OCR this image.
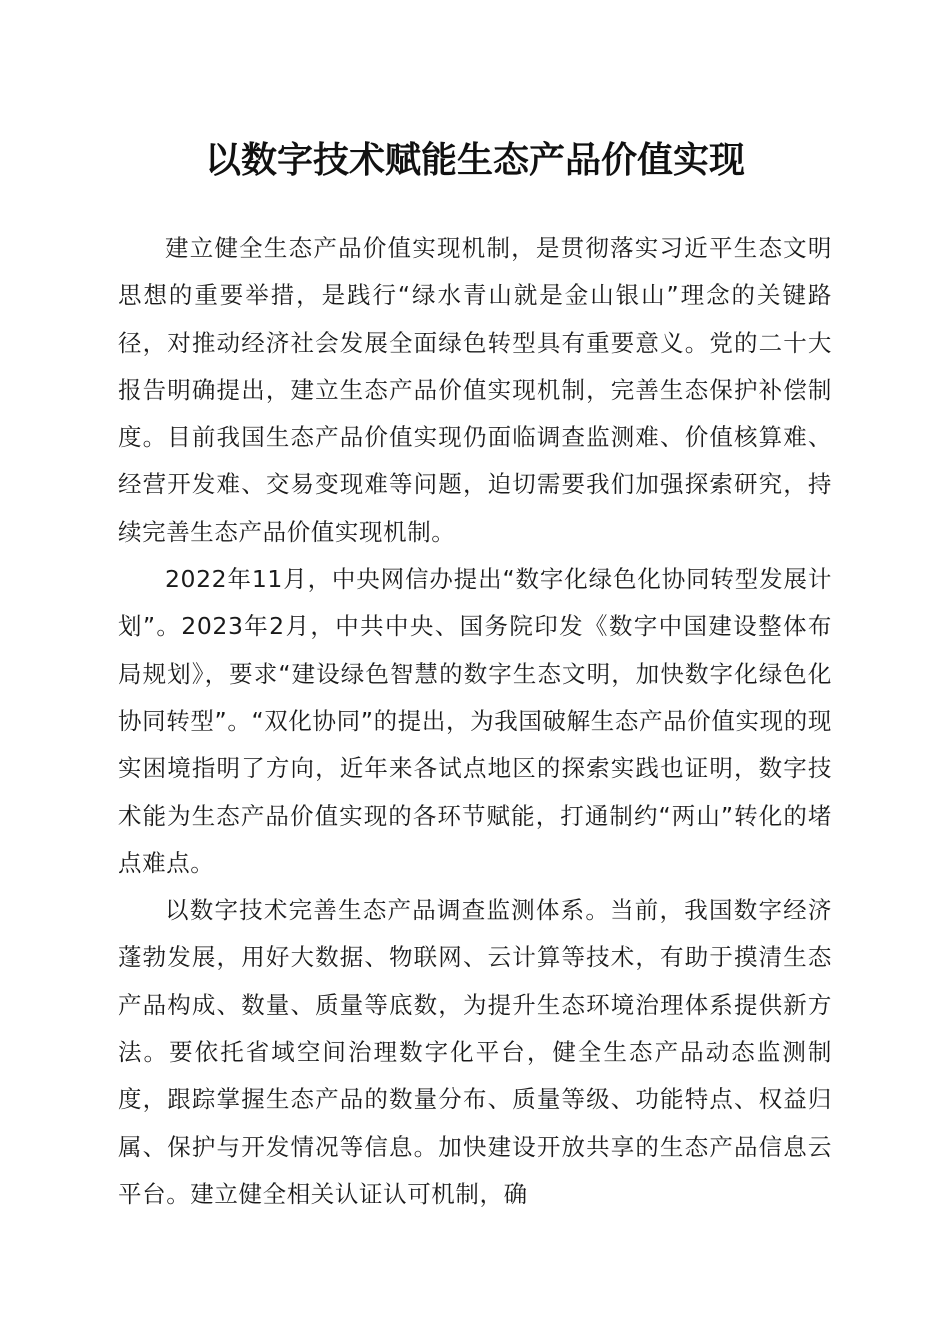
以数字技术赋能生态产品价值实现

建立健全生态产品价值实现机制，是贯彻落实习近平生态文明思想的重要举措，是践行“绿水青山就是金山银山”理念的关键路径，对推动经济社会发展全面绿色转型具有重要意义。党的二十大报告明确提出，建立生态产品价值实现机制，完善生态保护补偿制度。目前我国生态产品价值实现仍面临调查监测难、价值核算难、经营开发难、交易变现难等问题，迫切需要我们加强探索研究，持续完善生态产品价值实现机制。

2022年11月，中央网信办提出“数字化绿色化协同转型发展计划”。2023年2月，中共中央、国务院印发《数字中国建设整体布局规划》，要求“建设绿色智慧的数字生态文明，加快数字化绿色化协同转型”。“双化协同”的提出，为我国破解生态产品价值实现的现实困境指明了方向，近年来各试点地区的探索实践也证明，数字技术能为生态产品价值实现的各环节赋能，打通制约“两山”转化的堵点难点。

以数字技术完善生态产品调查监测体系。当前，我国数字经济蓬勃发展，用好大数据、物联网、云计算等技术，有助于摸清生态产品构成、数量、质量等底数，为提升生态环境治理体系提供新方法。要依托省域空间治理数字化平台，健全生态产品动态监测制度，跟踪掌握生态产品的数量分布、质量等级、功能特点、权益归属、保护与开发情况等信息。加快建设开放共享的生态产品信息云平台。建立健全相关认证认可机制，确
